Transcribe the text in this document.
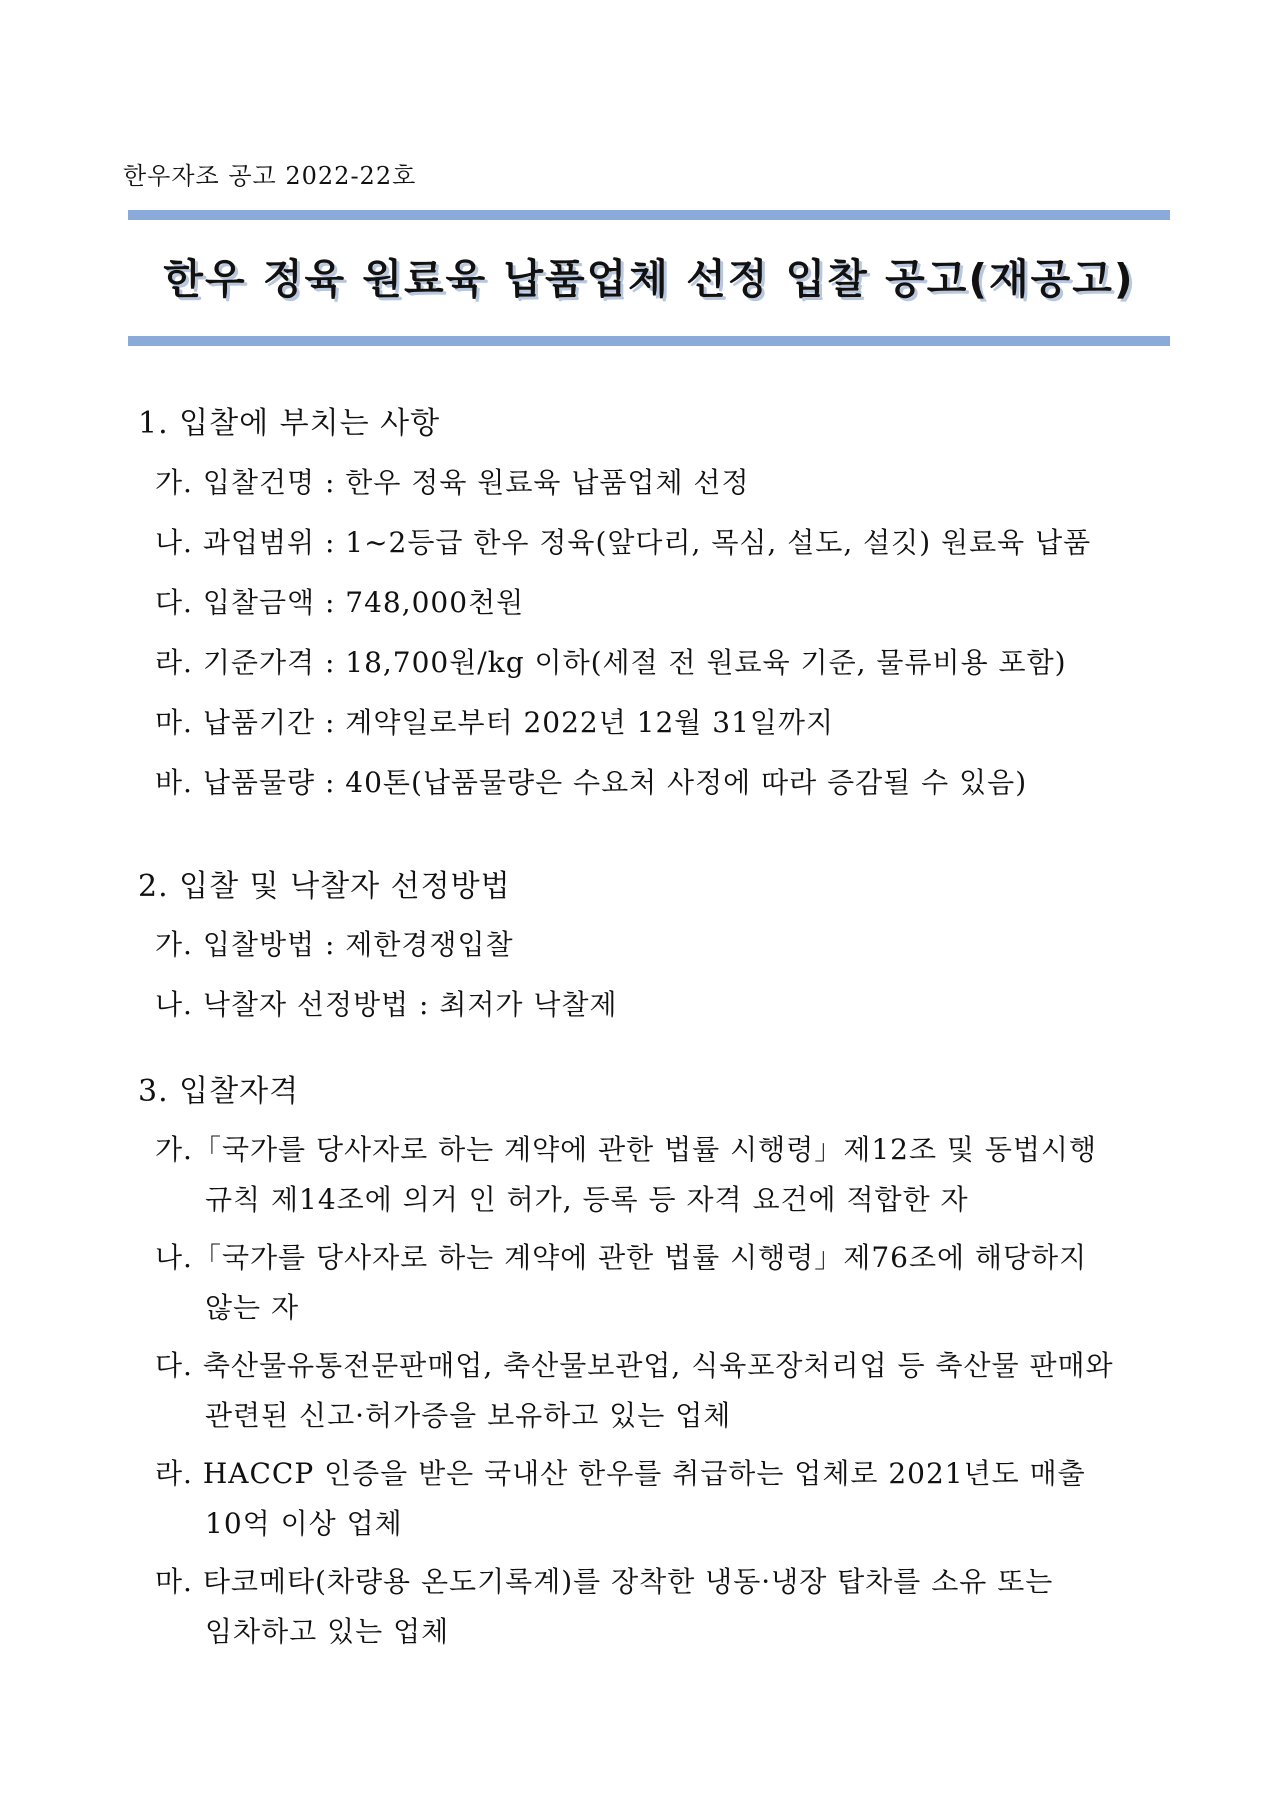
한우자조 공고 2022-22호
한우 정육 원료육 납품업체 선정 입찰 공고(재공고)
1. 입찰에 부치는 사항
가. 입찰건명 : 한우 정육 원료육 납품업체 선정
나. 과업범위 : 1~2등급 한우 정육(앞다리, 목심, 설도, 설깃) 원료육 납품
다. 입찰금액 : 748,000천원
라. 기준가격 : 18,700원/kg 이하(세절 전 원료육 기준, 물류비용 포함)
마. 납품기간 : 계약일로부터 2022년 12월 31일까지
바. 납품물량 : 40톤(납품물량은 수요처 사정에 따라 증감될 수 있음)
2. 입찰 및 낙찰자 선정방법
가. 입찰방법 : 제한경쟁입찰
나. 낙찰자 선정방법 : 최저가 낙찰제
3. 입찰자격
가.「국가를 당사자로 하는 계약에 관한 법률 시행령」제12조 및 동법시행
규칙 제14조에 의거 인 허가, 등록 등 자격 요건에 적합한 자
나.「국가를 당사자로 하는 계약에 관한 법률 시행령」제76조에 해당하지
않는 자
다. 축산물유통전문판매업, 축산물보관업, 식육포장처리업 등 축산물 판매와
관련된 신고·허가증을 보유하고 있는 업체
라. HACCP 인증을 받은 국내산 한우를 취급하는 업체로 2021년도 매출
10억 이상 업체
마. 타코메타(차량용 온도기록계)를 장착한 냉동·냉장 탑차를 소유 또는
임차하고 있는 업체
